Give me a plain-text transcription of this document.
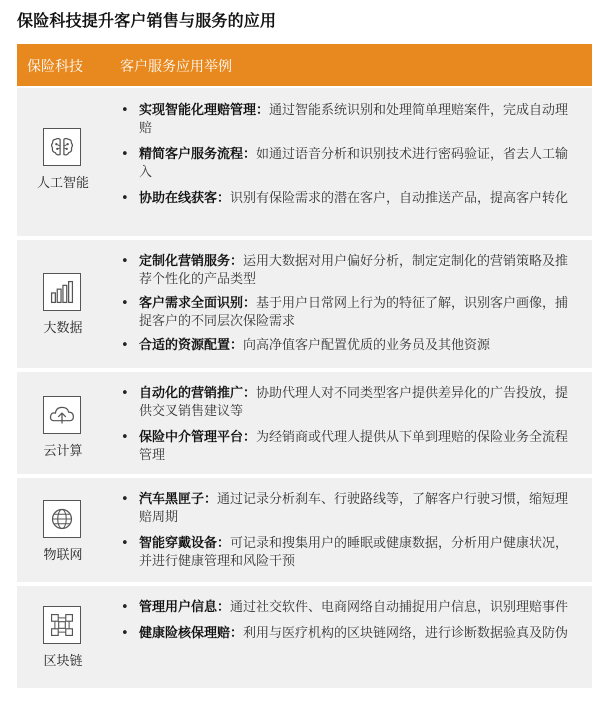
保险科技提升客户销售与服务的应用
保险科技	客户服务应用举例
人工智能
• 实现智能化理赔管理：通过智能系统识别和处理简单理赔案件，完成自动理赔
• 精简客户服务流程：如通过语音分析和识别技术进行密码验证，省去人工输入
• 协助在线获客：识别有保险需求的潜在客户，自动推送产品，提高客户转化
大数据
• 定制化营销服务：运用大数据对用户偏好分析，制定定制化的营销策略及推荐个性化的产品类型
• 客户需求全面识别：基于用户日常网上行为的特征了解，识别客户画像，捕捉客户的不同层次保险需求
• 合适的资源配置：向高净值客户配置优质的业务员及其他资源
云计算
• 自动化的营销推广：协助代理人对不同类型客户提供差异化的广告投放，提供交叉销售建议等
• 保险中介管理平台：为经销商或代理人提供从下单到理赔的保险业务全流程管理
物联网
• 汽车黑匣子：通过记录分析刹车、行驶路线等，了解客户行驶习惯，缩短理赔周期
• 智能穿戴设备：可记录和搜集用户的睡眠或健康数据，分析用户健康状况，并进行健康管理和风险干预
区块链
• 管理用户信息：通过社交软件、电商网络自动捕捉用户信息，识别理赔事件
• 健康险核保理赔：利用与医疗机构的区块链网络，进行诊断数据验真及防伪
